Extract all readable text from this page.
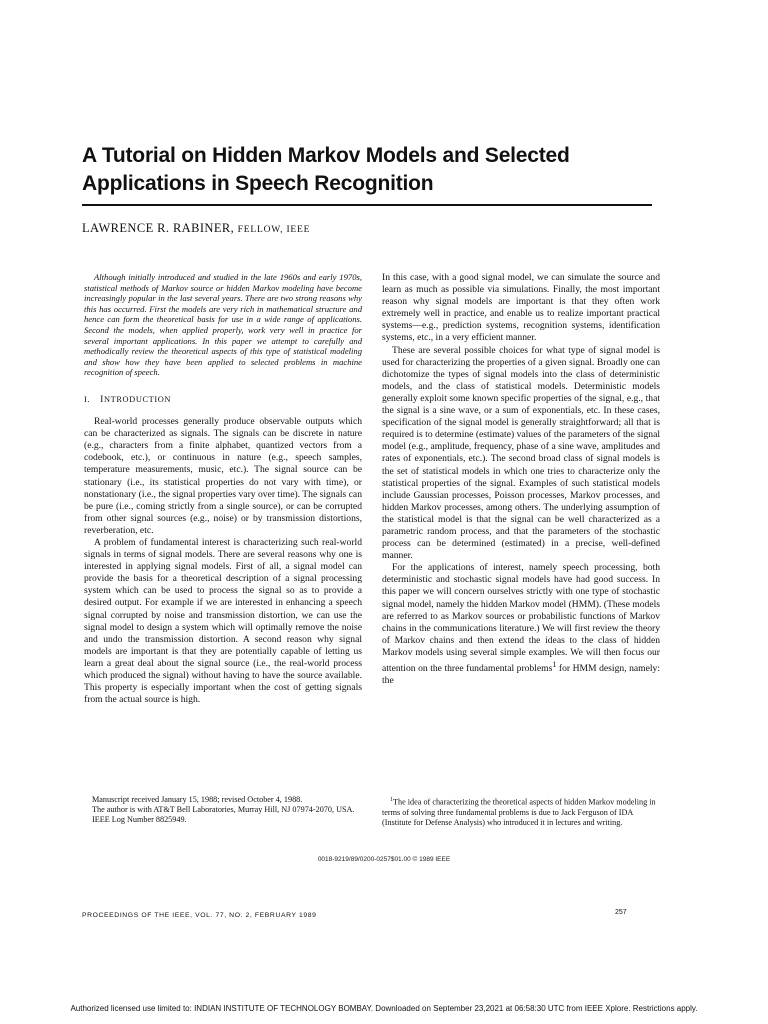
A Tutorial on Hidden Markov Models and Selected Applications in Speech Recognition
LAWRENCE R. RABINER, FELLOW, IEEE

Although initially introduced and studied in the late 1960s and early 1970s, statistical methods of Markov source or hidden Markov modeling have become increasingly popular in the last several years. There are two strong reasons why this has occurred. First the models are very rich in mathematical structure and hence can form the theoretical basis for use in a wide range of applications. Second the models, when applied properly, work very well in practice for several important applications. In this paper we attempt to carefully and methodically review the theoretical aspects of this type of statistical modeling and show how they have been applied to selected problems in machine recognition of speech.

I. INTRODUCTION

Real-world processes generally produce observable outputs which can be characterized as signals. The signals can be discrete in nature (e.g., characters from a finite alphabet, quantized vectors from a codebook, etc.), or continuous in nature (e.g., speech samples, temperature measurements, music, etc.). The signal source can be stationary (i.e., its statistical properties do not vary with time), or nonstationary (i.e., the signal properties vary over time). The signals can be pure (i.e., coming strictly from a single source), or can be corrupted from other signal sources (e.g., noise) or by transmission distortions, reverberation, etc.

A problem of fundamental interest is characterizing such real-world signals in terms of signal models. There are several reasons why one is interested in applying signal models. First of all, a signal model can provide the basis for a theoretical description of a signal processing system which can be used to process the signal so as to provide a desired output. For example if we are interested in enhancing a speech signal corrupted by noise and transmission distortion, we can use the signal model to design a system which will optimally remove the noise and undo the transmission distortion. A second reason why signal models are important is that they are potentially capable of letting us learn a great deal about the signal source (i.e., the real-world process which produced the signal) without having to have the source available. This property is especially important when the cost of getting signals from the actual source is high.

In this case, with a good signal model, we can simulate the source and learn as much as possible via simulations. Finally, the most important reason why signal models are important is that they often work extremely well in practice, and enable us to realize important practical systems—e.g., prediction systems, recognition systems, identification systems, etc., in a very efficient manner.

These are several possible choices for what type of signal model is used for characterizing the properties of a given signal. Broadly one can dichotomize the types of signal models into the class of deterministic models, and the class of statistical models. Deterministic models generally exploit some known specific properties of the signal, e.g., that the signal is a sine wave, or a sum of exponentials, etc. In these cases, specification of the signal model is generally straightforward; all that is required is to determine (estimate) values of the parameters of the signal model (e.g., amplitude, frequency, phase of a sine wave, amplitudes and rates of exponentials, etc.). The second broad class of signal models is the set of statistical models in which one tries to characterize only the statistical properties of the signal. Examples of such statistical models include Gaussian processes, Poisson processes, Markov processes, and hidden Markov processes, among others. The underlying assumption of the statistical model is that the signal can be well characterized as a parametric random process, and that the parameters of the stochastic process can be determined (estimated) in a precise, well-defined manner.

For the applications of interest, namely speech processing, both deterministic and stochastic signal models have had good success. In this paper we will concern ourselves strictly with one type of stochastic signal model, namely the hidden Markov model (HMM). (These models are referred to as Markov sources or probabilistic functions of Markov chains in the communications literature.) We will first review the theory of Markov chains and then extend the ideas to the class of hidden Markov models using several simple examples. We will then focus our attention on the three fundamental problems$^1$ for HMM design, namely: the

Manuscript received January 15, 1988; revised October 4, 1988.

The author is with AT&T Bell Laboratories, Murray Hill, NJ 07974-2070, USA.

IEEE Log Number 8825949.

$^1$The idea of characterizing the theoretical aspects of hidden Markov modeling in terms of solving three fundamental problems is due to Jack Ferguson of IDA (Institute for Defense Analysis) who introduced it in lectures and writing.

0018-9219/89/0200-0257$01.00 © 1989 IEEE
PROCEEDINGS OF THE IEEE, VOL. 77, NO. 2, FEBRUARY 1989	257
Authorized licensed use limited to: INDIAN INSTITUTE OF TECHNOLOGY BOMBAY. Downloaded on September 23,2021 at 06:58:30 UTC from IEEE Xplore. Restrictions apply.
